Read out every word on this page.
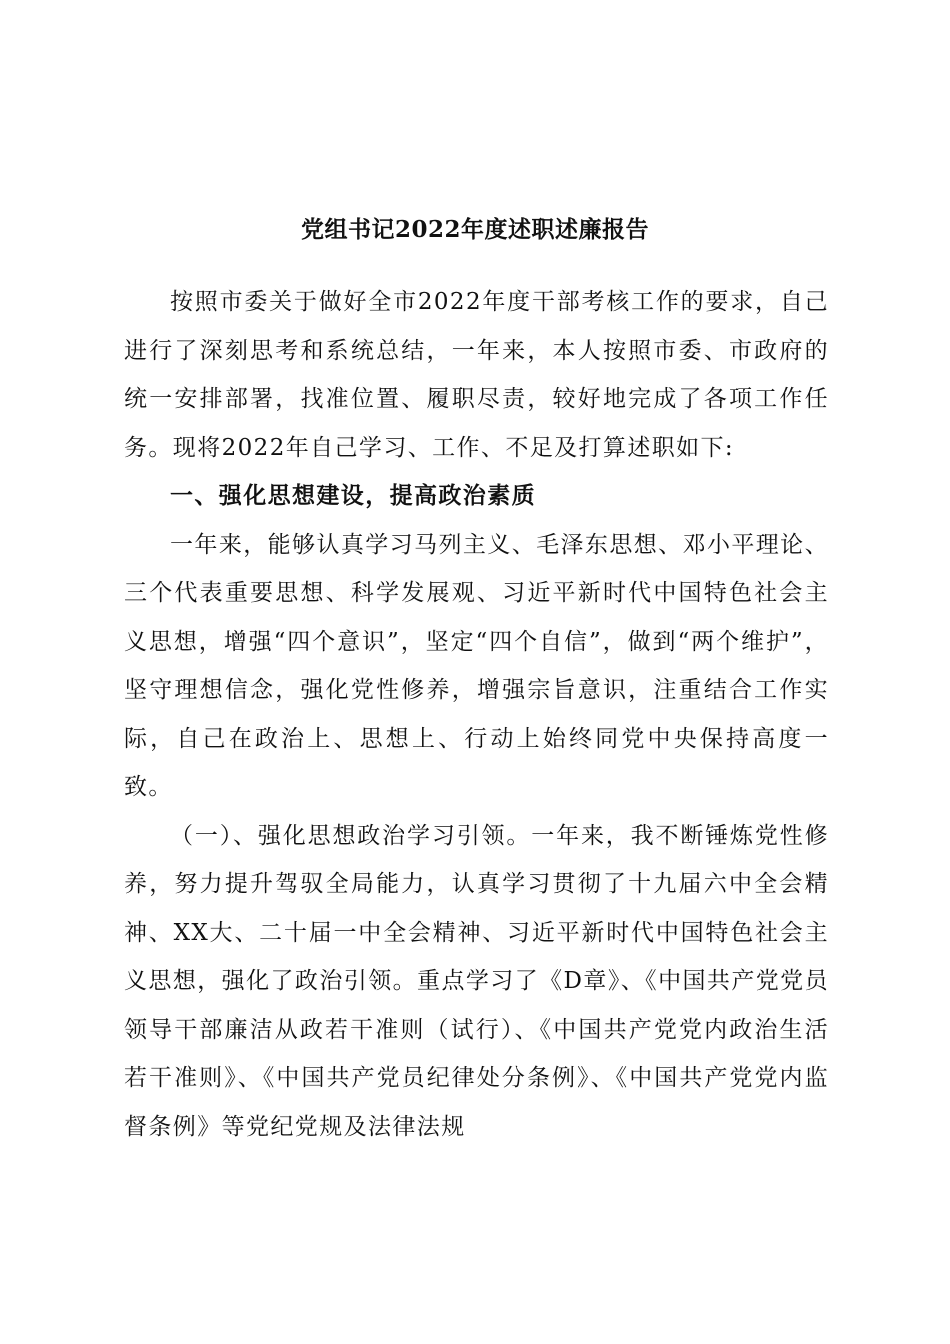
党组书记2022年度述职述廉报告

按照市委关于做好全市2022年度干部考核工作的要求，自己进行了深刻思考和系统总结，一年来，本人按照市委、市政府的统一安排部署，找准位置、履职尽责，较好地完成了各项工作任务。现将2022年自己学习、工作、不足及打算述职如下:

一、强化思想建设，提高政治素质

一年来，能够认真学习马列主义、毛泽东思想、邓小平理论、三个代表重要思想、科学发展观、习近平新时代中国特色社会主义思想，增强“四个意识”，坚定“四个自信”，做到“两个维护”，坚守理想信念，强化党性修养，增强宗旨意识，注重结合工作实际，自己在政治上、思想上、行动上始终同党中央保持高度一致。

（一）、强化思想政治学习引领。一年来，我不断锤炼党性修养，努力提升驾驭全局能力，认真学习贯彻了十九届六中全会精神、XX大、二十届一中全会精神、习近平新时代中国特色社会主义思想，强化了政治引领。重点学习了《D章》、《中国共产党党员领导干部廉洁从政若干准则（试行）、《中国共产党党内政治生活若干准则》、《中国共产党员纪律处分条例》、《中国共产党党内监督条例》等党纪党规及法律法规
